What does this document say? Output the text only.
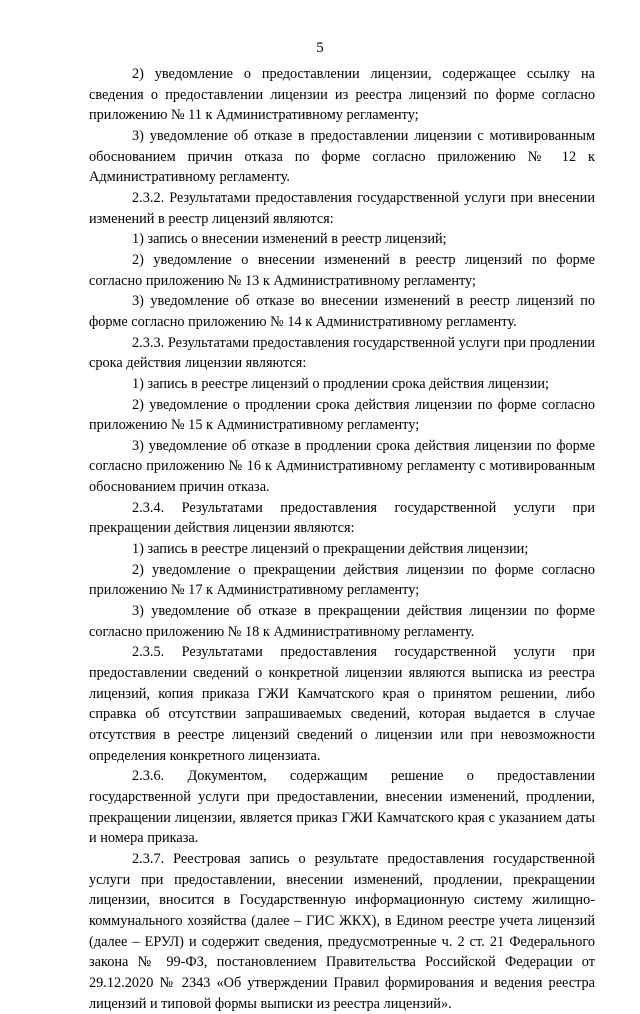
5

2) уведомление о предоставлении лицензии, содержащее ссылку на сведения о предоставлении лицензии из реестра лицензий по форме согласно приложению № 11 к Административному регламенту;

3) уведомление об отказе в предоставлении лицензии с мотивированным обоснованием причин отказа по форме согласно приложению № 12 к Административному регламенту.

2.3.2. Результатами предоставления государственной услуги при внесении изменений в реестр лицензий являются:

1) запись о внесении изменений в реестр лицензий;

2) уведомление о внесении изменений в реестр лицензий по форме согласно приложению № 13 к Административному регламенту;

3) уведомление об отказе во внесении изменений в реестр лицензий по форме согласно приложению № 14 к Административному регламенту.

2.3.3. Результатами предоставления государственной услуги при продлении срока действия лицензии являются:

1) запись в реестре лицензий о продлении срока действия лицензии;

2) уведомление о продлении срока действия лицензии по форме согласно приложению № 15 к Административному регламенту;

3) уведомление об отказе в продлении срока действия лицензии по форме согласно приложению № 16 к Административному регламенту с мотивированным обоснованием причин отказа.

2.3.4. Результатами предоставления государственной услуги при прекращении действия лицензии являются:

1) запись в реестре лицензий о прекращении действия лицензии;

2) уведомление о прекращении действия лицензии по форме согласно приложению № 17 к Административному регламенту;

3) уведомление об отказе в прекращении действия лицензии по форме согласно приложению № 18 к Административному регламенту.

2.3.5. Результатами предоставления государственной услуги при предоставлении сведений о конкретной лицензии являются выписка из реестра лицензий, копия приказа ГЖИ Камчатского края о принятом решении, либо справка об отсутствии запрашиваемых сведений, которая выдается в случае отсутствия в реестре лицензий сведений о лицензии или при невозможности определения конкретного лицензиата.

2.3.6. Документом, содержащим решение о предоставлении государственной услуги при предоставлении, внесении изменений, продлении, прекращении лицензии, является приказ ГЖИ Камчатского края с указанием даты и номера приказа.

2.3.7. Реестровая запись о результате предоставления государственной услуги при предоставлении, внесении изменений, продлении, прекращении лицензии, вносится в Государственную информационную систему жилищно-коммунального хозяйства (далее – ГИС ЖКХ), в Едином реестре учета лицензий (далее – ЕРУЛ) и содержит сведения, предусмотренные ч. 2 ст. 21 Федерального закона № 99-ФЗ, постановлением Правительства Российской Федерации от 29.12.2020 № 2343 «Об утверждении Правил формирования и ведения реестра лицензий и типовой формы выписки из реестра лицензий».
